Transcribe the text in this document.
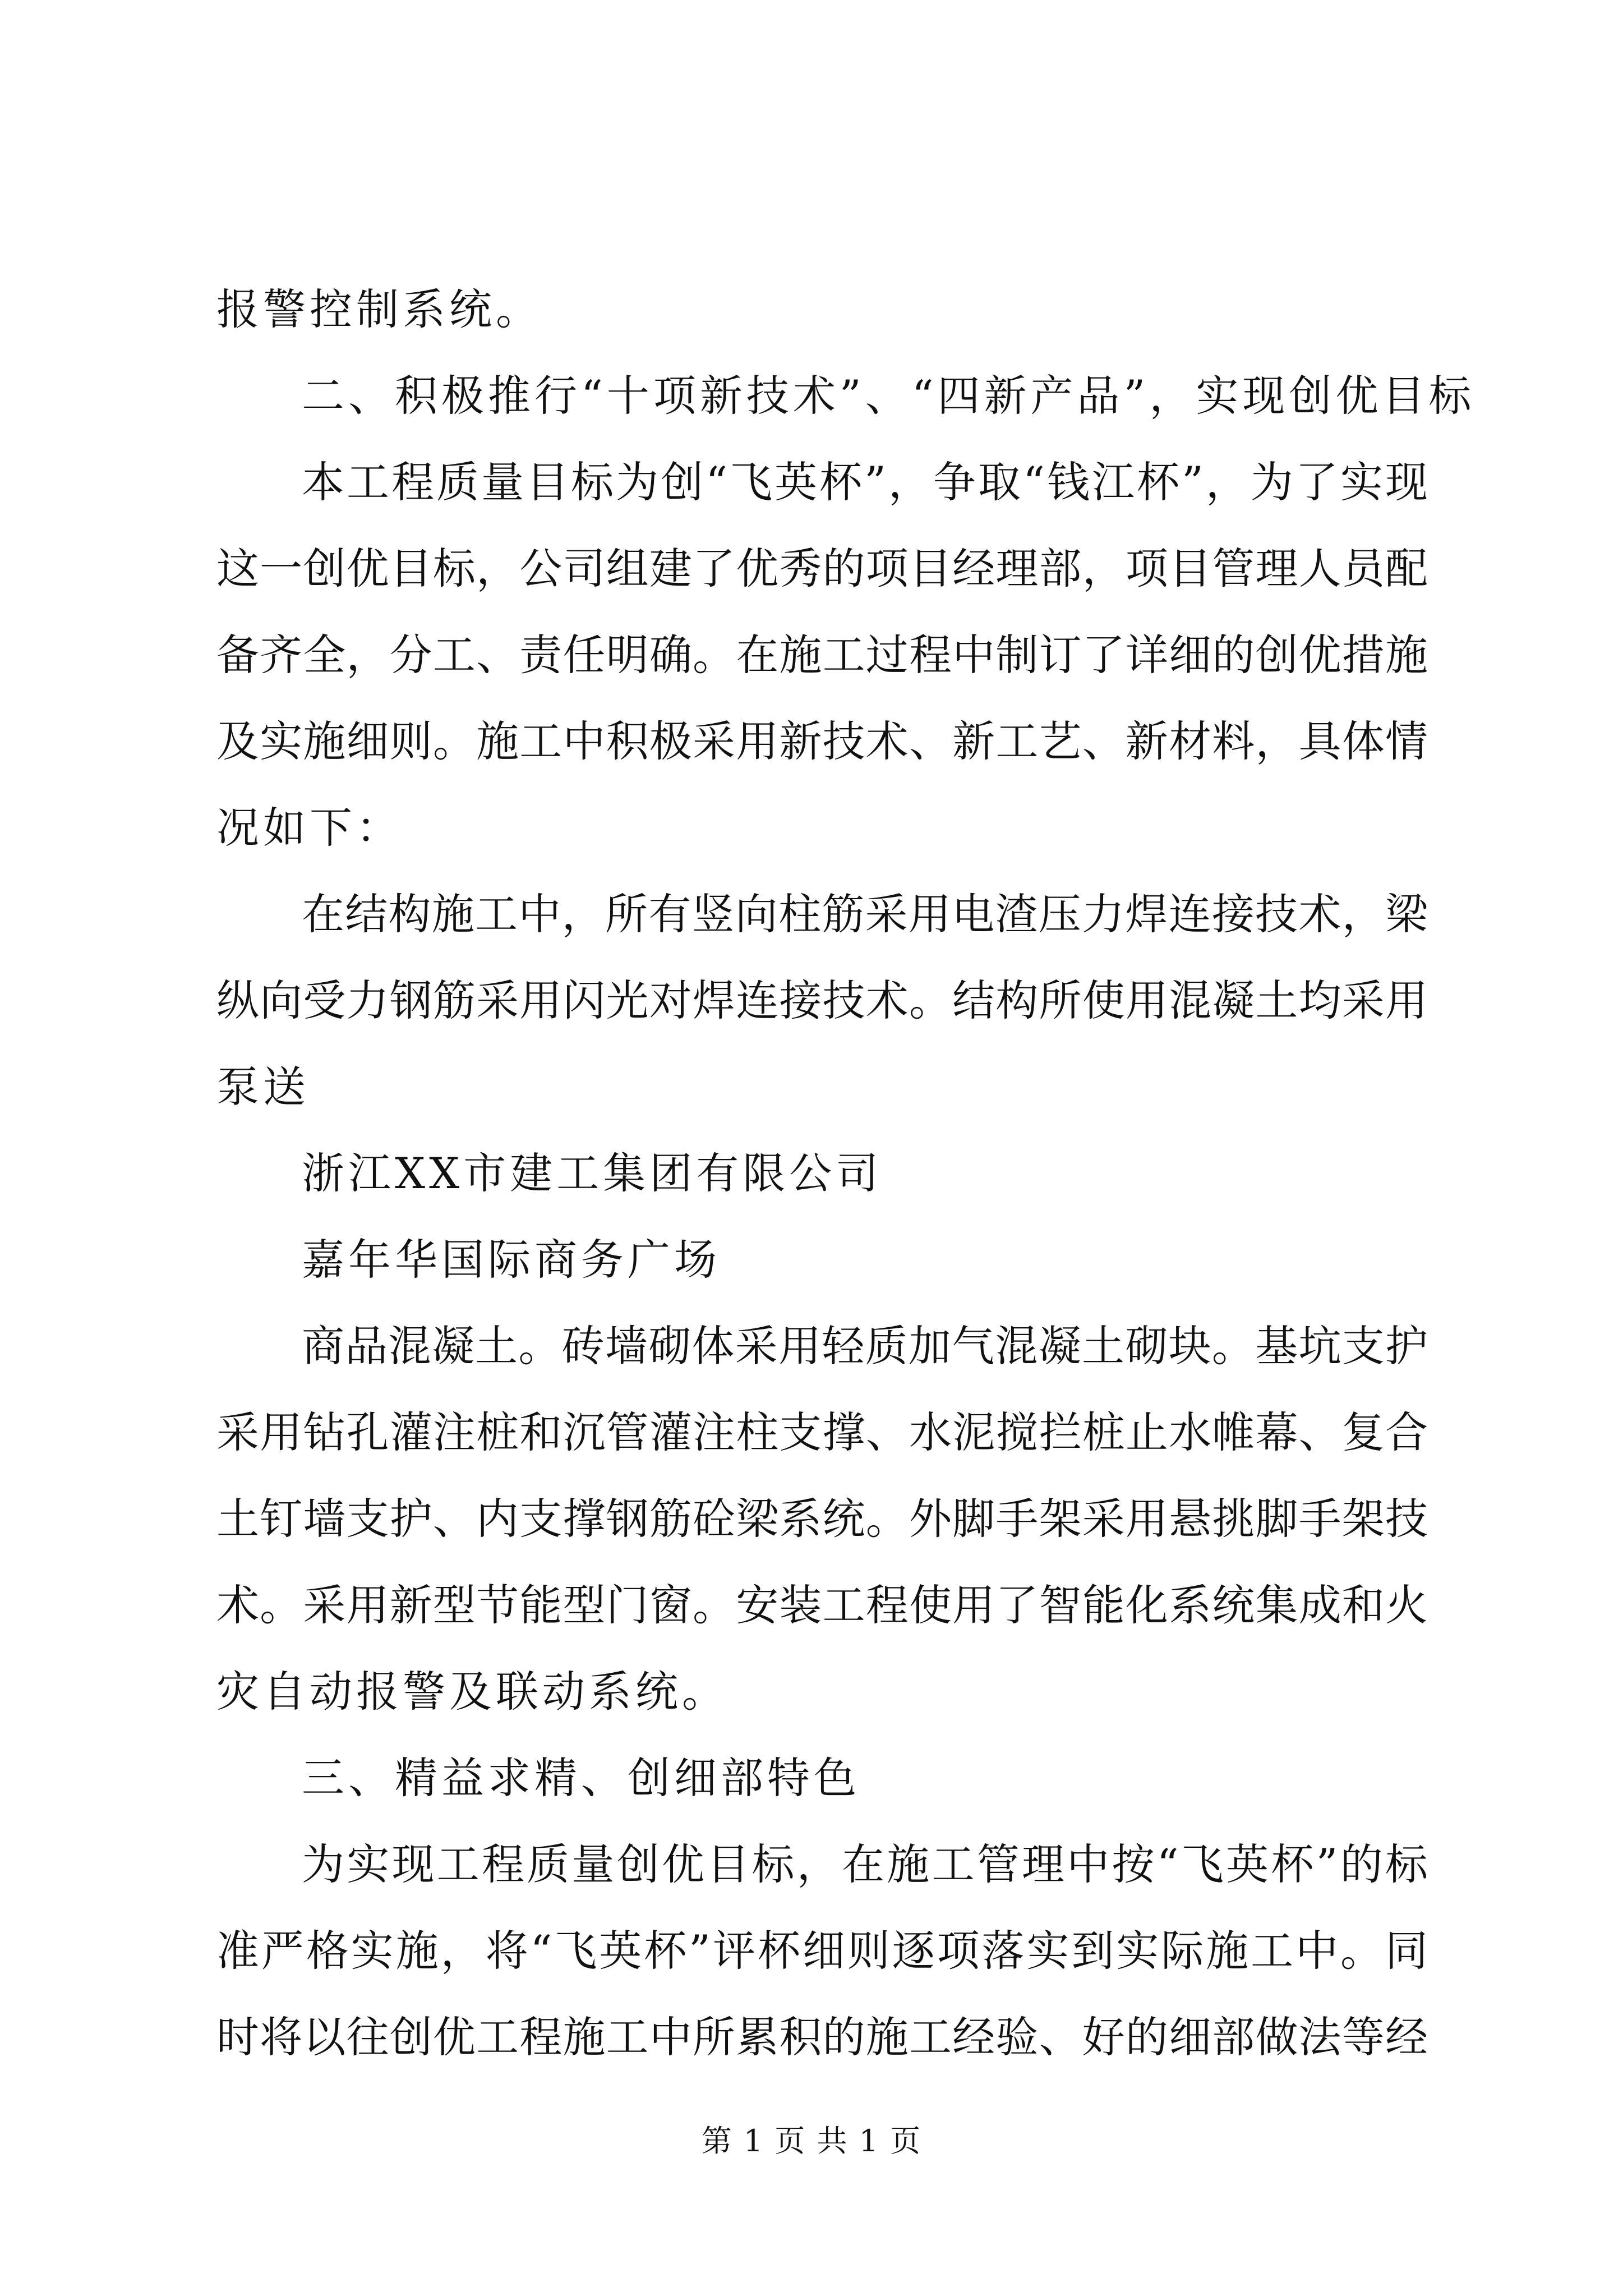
报警控制系统。
二、积极推行“十项新技术”、“四新产品”，实现创优目标
本工程质量目标为创“飞英杯”，争取“钱江杯”，为了实现
这一创优目标，公司组建了优秀的项目经理部，项目管理人员配
备齐全，分工、责任明确。在施工过程中制订了详细的创优措施
及实施细则。施工中积极采用新技术、新工艺、新材料，具体情
况如下：
在结构施工中，所有竖向柱筋采用电渣压力焊连接技术，梁
纵向受力钢筋采用闪光对焊连接技术。结构所使用混凝土均采用
泵送
浙江XX市建工集团有限公司
嘉年华国际商务广场
商品混凝土。砖墙砌体采用轻质加气混凝土砌块。基坑支护
采用钻孔灌注桩和沉管灌注柱支撑、水泥搅拦桩止水帷幕、复合
土钉墙支护、内支撑钢筋砼梁系统。外脚手架采用悬挑脚手架技
术。采用新型节能型门窗。安装工程使用了智能化系统集成和火
灾自动报警及联动系统。
三、精益求精、创细部特色
为实现工程质量创优目标，在施工管理中按“飞英杯”的标
准严格实施，将“飞英杯”评杯细则逐项落实到实际施工中。同
时将以往创优工程施工中所累积的施工经验、好的细部做法等经
第 1 页 共 1 页
